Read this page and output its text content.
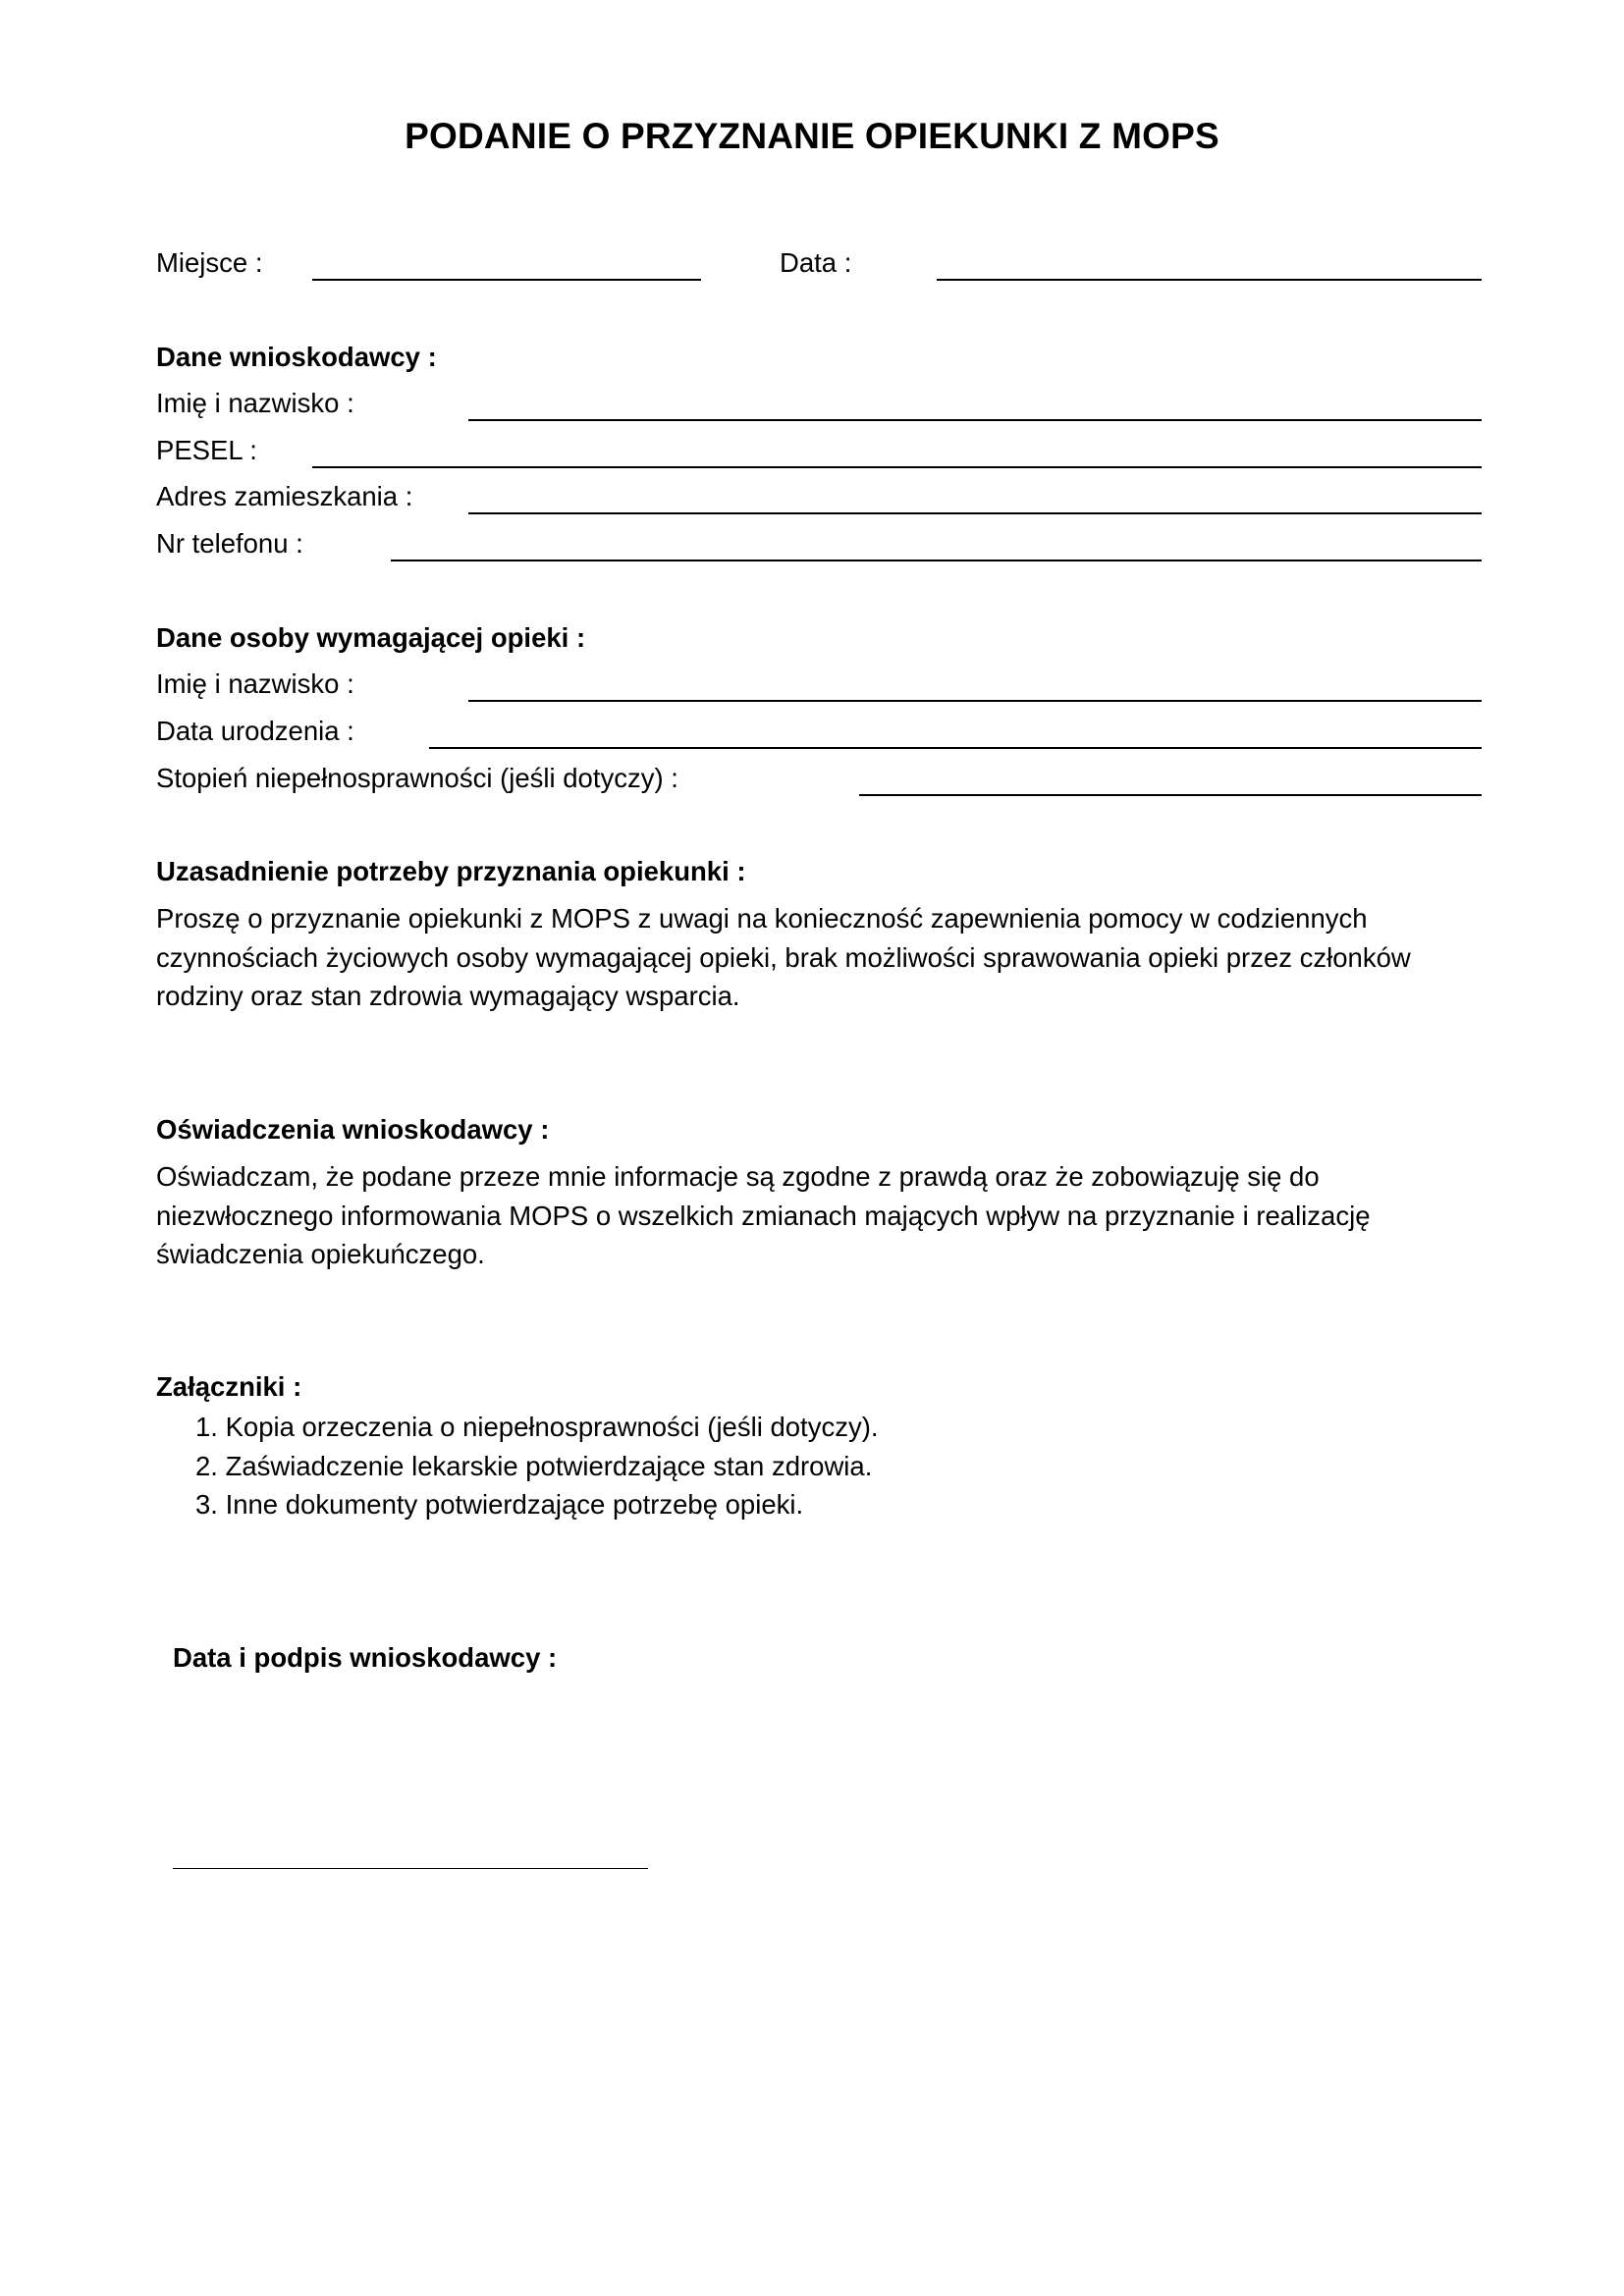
PODANIE O PRZYZNANIE OPIEKUNKI Z MOPS
Miejsce :	Data :
Dane wnioskodawcy :
Imię i nazwisko :
PESEL :
Adres zamieszkania :
Nr telefonu :
Dane osoby wymagającej opieki :
Imię i nazwisko :
Data urodzenia :
Stopień niepełnosprawności (jeśli dotyczy) :
Uzasadnienie potrzeby przyznania opiekunki :
Proszę o przyznanie opiekunki z MOPS z uwagi na konieczność zapewnienia pomocy w codziennych czynnościach życiowych osoby wymagającej opieki, brak możliwości sprawowania opieki przez członków rodziny oraz stan zdrowia wymagający wsparcia.
Oświadczenia wnioskodawcy :
Oświadczam, że podane przeze mnie informacje są zgodne z prawdą oraz że zobowiązuję się do niezwłocznego informowania MOPS o wszelkich zmianach mających wpływ na przyznanie i realizację świadczenia opiekuńczego.
Załączniki :
1. Kopia orzeczenia o niepełnosprawności (jeśli dotyczy).
2. Zaświadczenie lekarskie potwierdzające stan zdrowia.
3. Inne dokumenty potwierdzające potrzebę opieki.
Data i podpis wnioskodawcy :
